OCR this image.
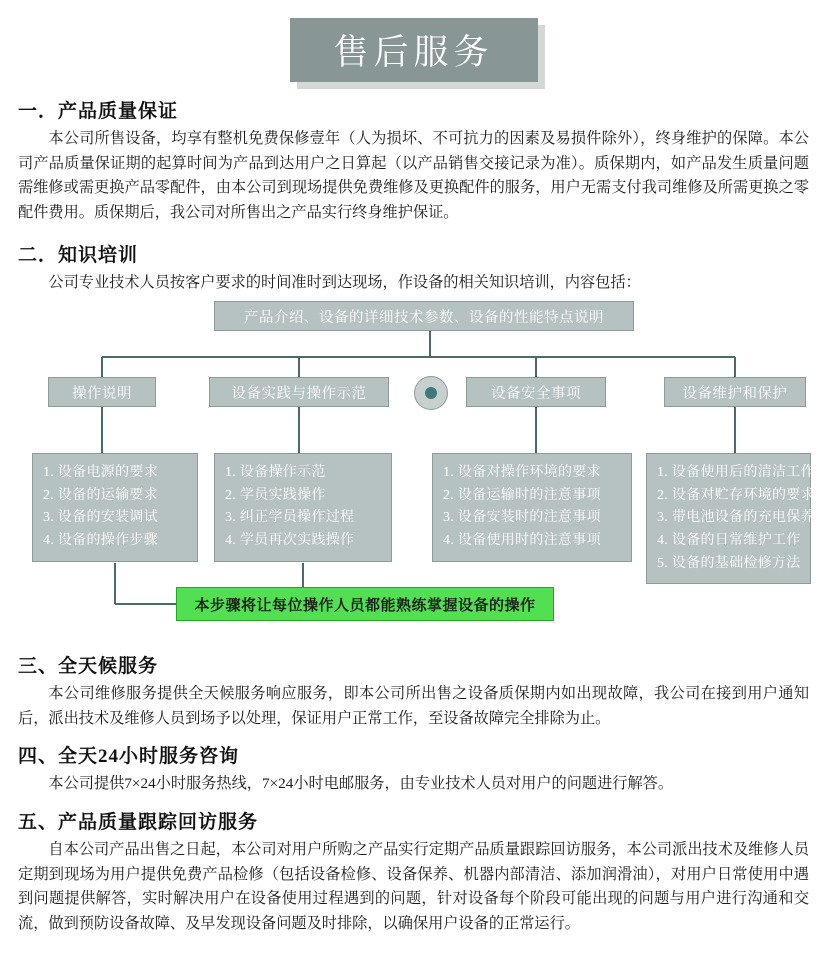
售后服务
一．产品质量保证

本公司所售设备，均享有整机免费保修壹年（人为损坏、不可抗力的因素及易损件除外），终身维护的保障。本公司产品质量保证期的起算时间为产品到达用户之日算起（以产品销售交接记录为准）。质保期内，如产品发生质量问题需维修或需更换产品零配件，由本公司到现场提供免费维修及更换配件的服务，用户无需支付我司维修及所需更换之零配件费用。质保期后，我公司对所售出之产品实行终身维护保证。

二．知识培训

公司专业技术人员按客户要求的时间准时到达现场，作设备的相关知识培训，内容包括：

产品介绍、设备的详细技术参数、设备的性能特点说明
操作说明	设备实践与操作示范	设备安全事项	设备维护和保护
1. 设备电源的要求
2. 设备的运输要求
3. 设备的安装调试
4. 设备的操作步骤
1. 设备操作示范
2. 学员实践操作
3. 纠正学员操作过程
4. 学员再次实践操作
1. 设备对操作环境的要求
2. 设备运输时的注意事项
3. 设备安装时的注意事项
4. 设备使用时的注意事项
1. 设备使用后的清洁工作
2. 设备对贮存环境的要求
3. 带电池设备的充电保养
4. 设备的日常维护工作
5. 设备的基础检修方法
本步骤将让每位操作人员都能熟练掌握设备的操作
三、全天候服务

本公司维修服务提供全天候服务响应服务，即本公司所出售之设备质保期内如出现故障，我公司在接到用户通知后，派出技术及维修人员到场予以处理，保证用户正常工作，至设备故障完全排除为止。

四、全天24小时服务咨询

本公司提供7×24小时服务热线，7×24小时电邮服务，由专业技术人员对用户的问题进行解答。

五、产品质量跟踪回访服务

自本公司产品出售之日起，本公司对用户所购之产品实行定期产品质量跟踪回访服务，本公司派出技术及维修人员定期到现场为用户提供免费产品检修（包括设备检修、设备保养、机器内部清洁、添加润滑油），对用户日常使用中遇到问题提供解答，实时解决用户在设备使用过程遇到的问题，针对设备每个阶段可能出现的问题与用户进行沟通和交流，做到预防设备故障、及早发现设备问题及时排除，以确保用户设备的正常运行。
